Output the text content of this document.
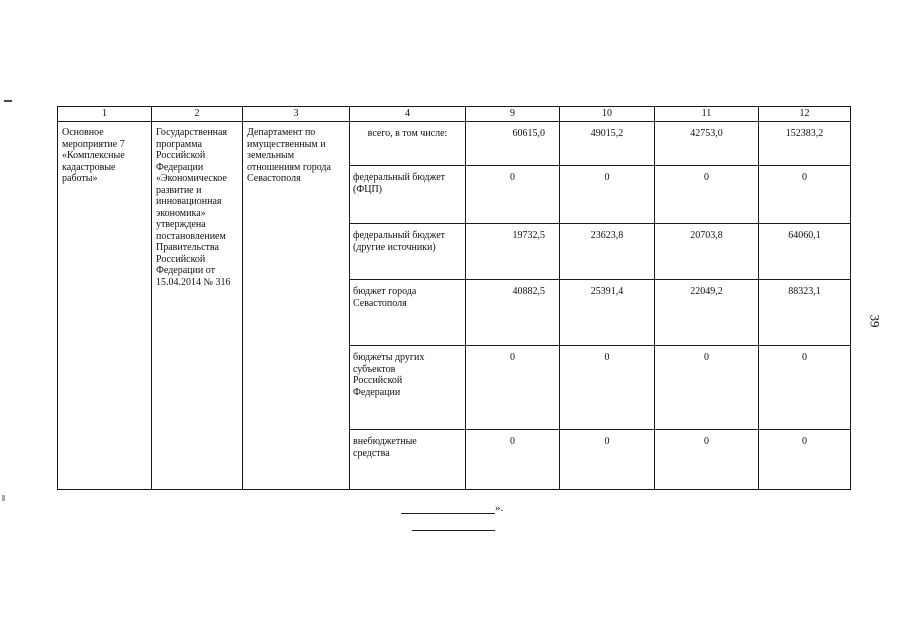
1	2	3	4	9	10	11	12

Основное мероприятие 7 «Комплексные кадастровые работы»	Государственная программа Российской Федерации «Экономическое развитие и инновационная экономика» утверждена постановлением Правительства Российской Федерации от 15.04.2014 № 316	Департамент по имущественным и земельным отношениям города Севастополя	всего, в том числе:	60615,0	49015,2	42753,0	152383,2

			федеральный бюджет (ФЦП)	0	0	0	0

			федеральный бюджет (другие источники)	19732,5	23623,8	20703,8	64060,1

			бюджет города Севастополя	40882,5	25391,4	22049,2	88323,1

			бюджеты других субъектов Российской Федерации	0	0	0	0

			внебюджетные средства	0	0	0	0
».
39
